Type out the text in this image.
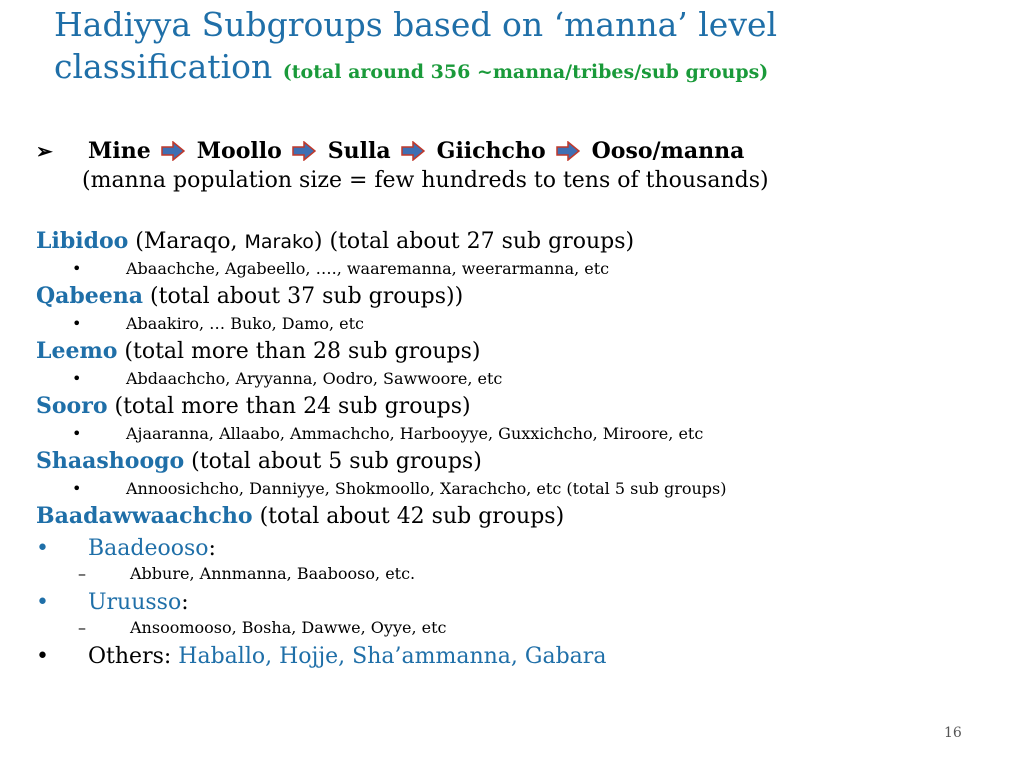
Hadiyya Subgroups based on ‘manna’ level
classification (total around 356 ~manna/tribes/sub groups)
➢	Mine Moollo Sulla Giichcho Ooso/manna
(manna population size = few hundreds to tens of thousands)
Libidoo (Maraqo, Marako) (total about 27 sub groups)
•	Abaachche, Agabeello, …., waaremanna, weerarmanna, etc
Qabeena (total about 37 sub groups))
•	Abaakiro, … Buko, Damo, etc
Leemo (total more than 28 sub groups)
•	Abdaachcho, Aryyanna, Oodro, Sawwoore, etc
Sooro (total more than 24 sub groups)
•	Ajaaranna, Allaabo, Ammachcho, Harbooyye, Guxxichcho, Miroore, etc
Shaashoogo (total about 5 sub groups)
•	Annoosichcho, Danniyye, Shokmoollo, Xarachcho, etc (total 5 sub groups)
Baadawwaachcho (total about 42 sub groups)
• Baadeooso:
–	Abbure, Annmanna, Baabooso, etc.
• Uruusso:
–	Ansoomooso, Bosha, Dawwe, Oyye, etc
• Others: Haballo, Hojje, Sha’ammanna, Gabara
16
